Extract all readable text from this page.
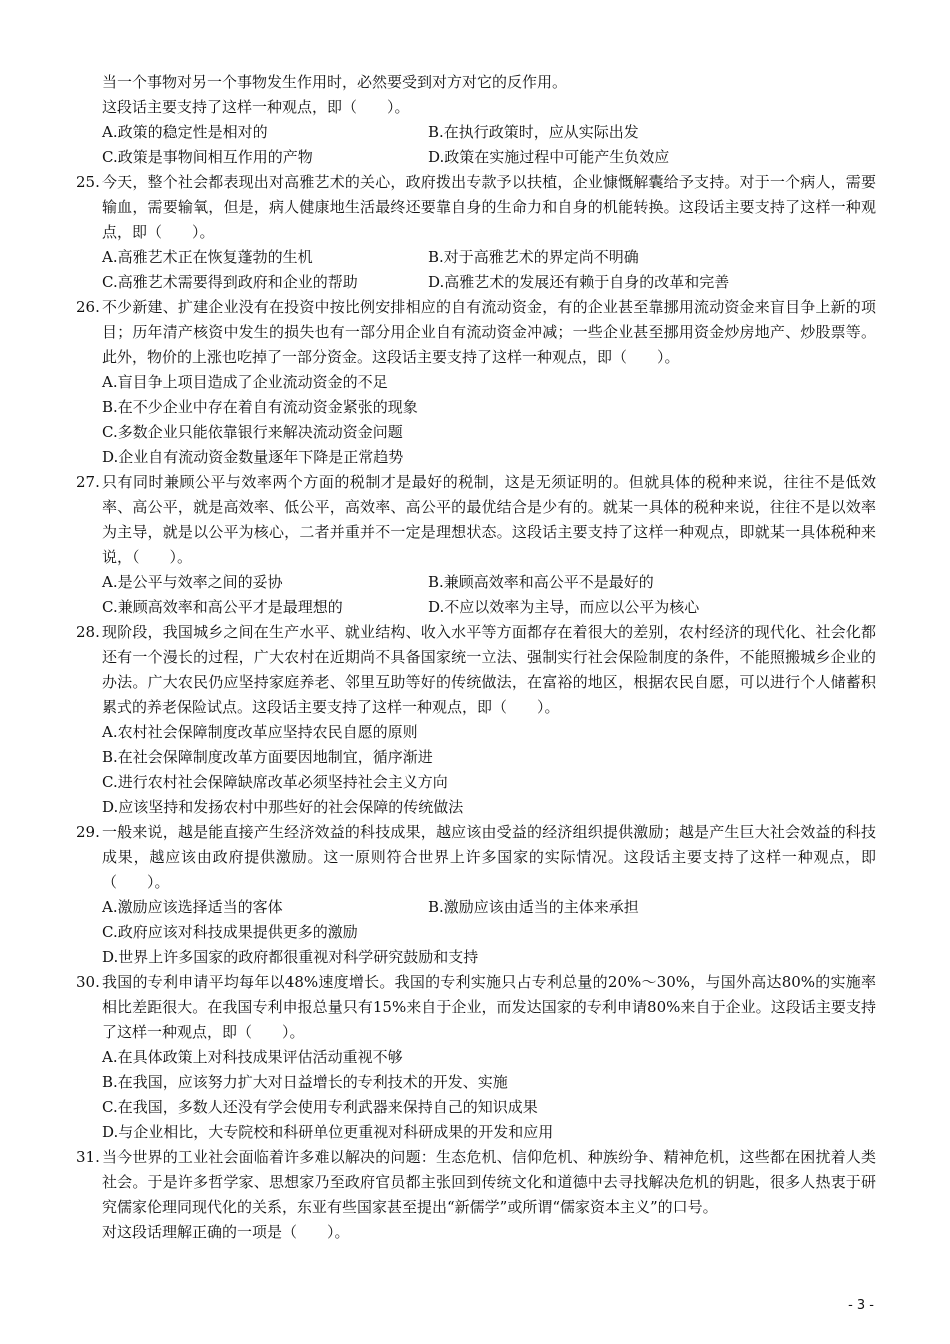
当一个事物对另一个事物发生作用时，必然要受到对方对它的反作用。
这段话主要支持了这样一种观点，即（　　）。
A.政策的稳定性是相对的	B.在执行政策时，应从实际出发
C.政策是事物间相互作用的产物	D.政策在实施过程中可能产生负效应
25. 今天，整个社会都表现出对高雅艺术的关心，政府拨出专款予以扶植，企业慷慨解囊给予支持。对于一个病人，需要输血，需要输氧，但是，病人健康地生活最终还要靠自身的生命力和自身的机能转换。这段话主要支持了这样一种观点，即（　　）。
A.高雅艺术正在恢复蓬勃的生机	B.对于高雅艺术的界定尚不明确
C.高雅艺术需要得到政府和企业的帮助	D.高雅艺术的发展还有赖于自身的改革和完善
26. 不少新建、扩建企业没有在投资中按比例安排相应的自有流动资金，有的企业甚至靠挪用流动资金来盲目争上新的项目；历年清产核资中发生的损失也有一部分用企业自有流动资金冲减；一些企业甚至挪用资金炒房地产、炒股票等。此外，物价的上涨也吃掉了一部分资金。这段话主要支持了这样一种观点，即（　　）。
A.盲目争上项目造成了企业流动资金的不足
B.在不少企业中存在着自有流动资金紧张的现象
C.多数企业只能依靠银行来解决流动资金问题
D.企业自有流动资金数量逐年下降是正常趋势
27. 只有同时兼顾公平与效率两个方面的税制才是最好的税制，这是无须证明的。但就具体的税种来说，往往不是低效率、高公平，就是高效率、低公平，高效率、高公平的最优结合是少有的。就某一具体的税种来说，往往不是以效率为主导，就是以公平为核心，二者并重并不一定是理想状态。这段话主要支持了这样一种观点，即就某一具体税种来说，（　　）。
A.是公平与效率之间的妥协	B.兼顾高效率和高公平不是最好的
C.兼顾高效率和高公平才是最理想的	D.不应以效率为主导，而应以公平为核心
28. 现阶段，我国城乡之间在生产水平、就业结构、收入水平等方面都存在着很大的差别，农村经济的现代化、社会化都还有一个漫长的过程，广大农村在近期尚不具备国家统一立法、强制实行社会保险制度的条件，不能照搬城乡企业的办法。广大农民仍应坚持家庭养老、邻里互助等好的传统做法，在富裕的地区，根据农民自愿，可以进行个人储蓄积累式的养老保险试点。这段话主要支持了这样一种观点，即（　　）。
A.农村社会保障制度改革应坚持农民自愿的原则
B.在社会保障制度改革方面要因地制宜，循序渐进
C.进行农村社会保障缺席改革必须坚持社会主义方向
D.应该坚持和发扬农村中那些好的社会保障的传统做法
29. 一般来说，越是能直接产生经济效益的科技成果，越应该由受益的经济组织提供激励；越是产生巨大社会效益的科技成果，越应该由政府提供激励。这一原则符合世界上许多国家的实际情况。这段话主要支持了这样一种观点，即（　　）。
A.激励应该选择适当的客体	B.激励应该由适当的主体来承担
C.政府应该对科技成果提供更多的激励
D.世界上许多国家的政府都很重视对科学研究鼓励和支持
30. 我国的专利申请平均每年以48%速度增长。我国的专利实施只占专利总量的20%～30%，与国外高达80%的实施率相比差距很大。在我国专利申报总量只有15%来自于企业，而发达国家的专利申请80%来自于企业。这段话主要支持了这样一种观点，即（　　）。
A.在具体政策上对科技成果评估活动重视不够
B.在我国，应该努力扩大对日益增长的专利技术的开发、实施
C.在我国，多数人还没有学会使用专利武器来保持自己的知识成果
D.与企业相比，大专院校和科研单位更重视对科研成果的开发和应用
31. 当今世界的工业社会面临着许多难以解决的问题：生态危机、信仰危机、种族纷争、精神危机，这些都在困扰着人类社会。于是许多哲学家、思想家乃至政府官员都主张回到传统文化和道德中去寻找解决危机的钥匙，很多人热衷于研究儒家伦理同现代化的关系，东亚有些国家甚至提出“新儒学”或所谓“儒家资本主义”的口号。
对这段话理解正确的一项是（　　）。
- 3 -
